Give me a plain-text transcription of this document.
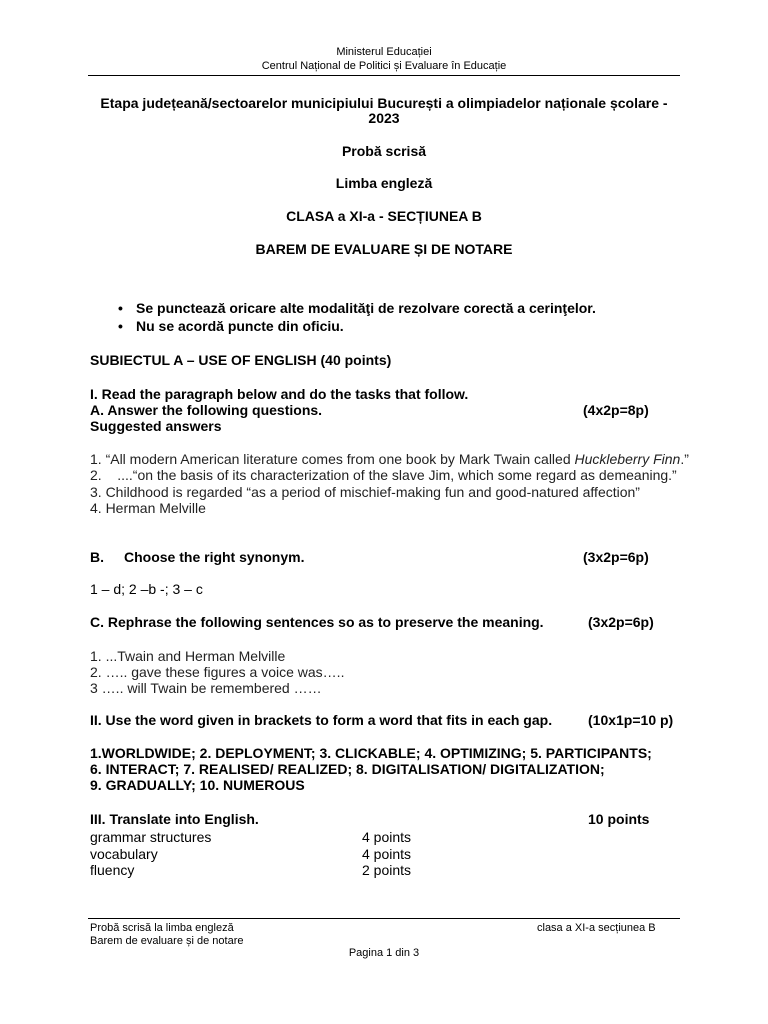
Ministerul Educației
Centrul Național de Politici și Evaluare în Educație
Etapa județeană/sectoarelor municipiului București a olimpiadelor naționale școlare -
2023
Probă scrisă
Limba engleză
CLASA a XI-a - SECȚIUNEA B
BAREM DE EVALUARE ȘI DE NOTARE
• Se punctează oricare alte modalităţi de rezolvare corectă a cerinţelor.
• Nu se acordă puncte din oficiu.
SUBIECTUL A – USE OF ENGLISH (40 points)
I. Read the paragraph below and do the tasks that follow.
A. Answer the following questions.	(4x2p=8p)
Suggested answers
1. “All modern American literature comes from one book by Mark Twain called Huckleberry Finn.”
2.    ....“on the basis of its characterization of the slave Jim, which some regard as demeaning.”
3. Childhood is regarded “as a period of mischief-making fun and good-natured affection”
4. Herman Melville
B. Choose the right synonym.	(3x2p=6p)
1 – d; 2 –b -; 3 – c
C. Rephrase the following sentences so as to preserve the meaning.	(3x2p=6p)
1. ...Twain and Herman Melville
2. ….. gave these figures a voice was…..
3 ….. will Twain be remembered ……
II. Use the word given in brackets to form a word that fits in each gap.	(10x1p=10 p)
1.WORLDWIDE; 2. DEPLOYMENT; 3. CLICKABLE; 4. OPTIMIZING; 5. PARTICIPANTS;
6. INTERACT; 7. REALISED/ REALIZED; 8. DIGITALISATION/ DIGITALIZATION;
9. GRADUALLY; 10. NUMEROUS
III. Translate into English.	10 points
grammar structures	4 points
vocabulary	4 points
fluency	2 points
Probă scrisă la limba engleză
Barem de evaluare și de notare
clasa a XI-a secțiunea B
Pagina 1 din 3
